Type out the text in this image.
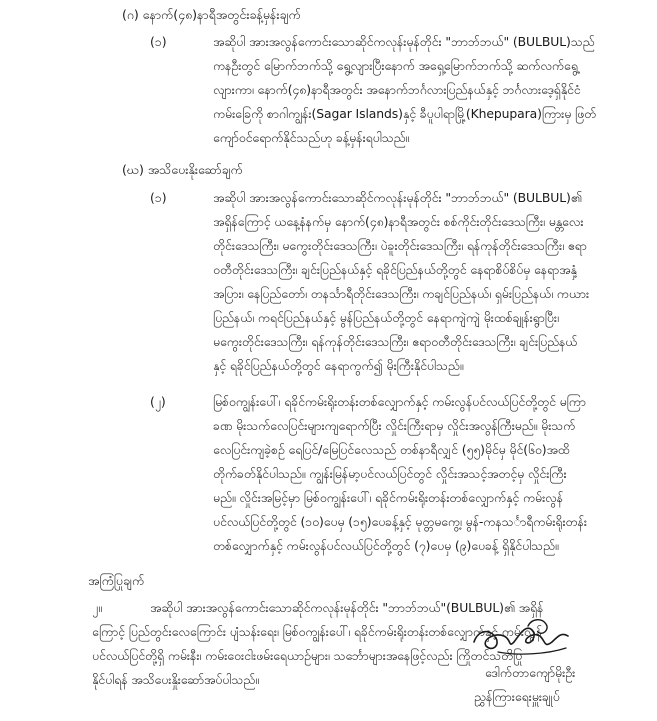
(ဂ) နောက်(၄၈)နာရီအတွင်းခန့်မှန်းချက်
(၁)	အဆိုပါ အားအလွန်ကောင်းသောဆိုင်ကလုန်းမုန်တိုင်း "ဘာဘ်ဘယ်" (BULBUL)သည်
ကနဦးတွင် မြောက်ဘက်သို့ ရွေ့လျားပြီးနောက် အရှေ့မြောက်ဘက်သို့ ဆက်လက်ရွေ့
လျားကာ၊ နောက်(၄၈)နာရီအတွင်း အနောက်ဘင်္ဂလားပြည်နယ်နှင့် ဘင်္ဂလားဒေ့ရှ်နိုင်ငံ
ကမ်းခြေကို စာဂါကျွန်း(Sagar Islands)နှင့် ခီပူပါရာမြို့(Khepupara)ကြားမှ ဖြတ်
ကျော်ဝင်ရောက်နိုင်သည်ဟု ခန့်မှန်းရပါသည်။
(ဃ) အသိပေးနိုးဆော်ချက်
(၁)	အဆိုပါ အားအလွန်ကောင်းသောဆိုင်ကလုန်းမုန်တိုင်း "ဘာဘ်ဘယ်" (BULBUL)၏
အရှိန်ကြောင့် ယနေ့နံနက်မှ နောက်(၄၈)နာရီအတွင်း စစ်ကိုင်းတိုင်းဒေသကြီး၊ မန္တလေး
တိုင်းဒေသကြီး၊ မကွေးတိုင်းဒေသကြီး၊ ပဲခူးတိုင်းဒေသကြီး၊ ရန်ကုန်တိုင်းဒေသကြီး၊ ဧရာ
ဝတီတိုင်းဒေသကြီး၊ ချင်းပြည်နယ်နှင့် ရခိုင်ပြည်နယ်တို့တွင် နေရာစိပ်စိပ်မှ နေရာအနှံ့
အပြား၊ နေပြည်တော်၊ တနင်္သာရီတိုင်းဒေသကြီး၊ ကချင်ပြည်နယ်၊ ရှမ်းပြည်နယ်၊ ကယား
ပြည်နယ်၊ ကရင်ပြည်နယ်နှင့် မွန်ပြည်နယ်တို့တွင် နေရာကျဲကျဲ မိုးထစ်ချုန်းရွာပြီး၊
မကွေးတိုင်းဒေသကြီး၊ ရန်ကုန်တိုင်းဒေသကြီး၊ ဧရာဝတီတိုင်းဒေသကြီး၊ ချင်းပြည်နယ်
နှင့် ရခိုင်ပြည်နယ်တို့တွင် နေရာကွက်၍ မိုးကြီးနိုင်ပါသည်။
(၂)	မြစ်ဝကျွန်းပေါ်၊ ရခိုင်ကမ်းရိုးတန်းတစ်လျှောက်နှင့် ကမ်းလွန်ပင်လယ်ပြင်တို့တွင် မကြာ
ခဏ မိုးသက်လေပြင်းများကျရောက်ပြီး လှိုင်းကြီးရာမှ လှိုင်းအလွန်ကြီးမည်။ မိုးသက်
လေပြင်းကျခဲ့စဉ် ရေပြင်/မြေပြင်လေသည် တစ်နာရီလျှင် (၅၅)မိုင်မှ မိုင်(၆၀)အထိ
တိုက်ခတ်နိုင်ပါသည်။ ကျွန်းမြန်မာ့ပင်လယ်ပြင်တွင် လှိုင်းအသင့်အတင့်မှ လှိုင်းကြီး
မည်။ လှိုင်းအမြင့်မှာ မြစ်ဝကျွန်းပေါ်၊ ရခိုင်ကမ်းရိုးတန်းတစ်လျှောက်နှင့် ကမ်းလွန်
ပင်လယ်ပြင်တို့တွင် (၁၀)ပေမှ (၁၅)ပေခန့်နှင့် မုတ္တမကွေ့၊ မွန်-ကနသင်္ာရီကမ်းရိုးတန်း
တစ်လျှောက်နှင့် ကမ်းလွန်ပင်လယ်ပြင်တို့တွင် (၇)ပေမှ (၉)ပေခန့် ရှိနိုင်ပါသည်။
အကြံပြုချက်
၂။	အဆိုပါ အားအလွန်ကောင်းသောဆိုင်ကလုန်းမုန်တိုင်း "ဘာဘ်ဘယ်"(BULBUL)၏ အရှိန်
ကြောင့် ပြည်တွင်းလေကြောင်း ပျံသန်းရေး၊ မြစ်ဝကျွန်းပေါ်၊ ရခိုင်ကမ်းရိုးတန်းတစ်လျှောက်နှင့် ကမ်းလွန်
ပင်လယ်ပြင်တို့ရှိ ကမ်းနီး၊ ကမ်းဝေးငါးဖမ်းရေယာဉ်များ၊ သင်္ဘောများအနေဖြင့်လည်း ကြိုတင်သတိပြု
နိုင်ပါရန် အသိပေးနှိုးဆော်အပ်ပါသည်။	ဒေါက်တာကျော်မိုးဦး
ညွှန်ကြားရေးမှူးချုပ်
